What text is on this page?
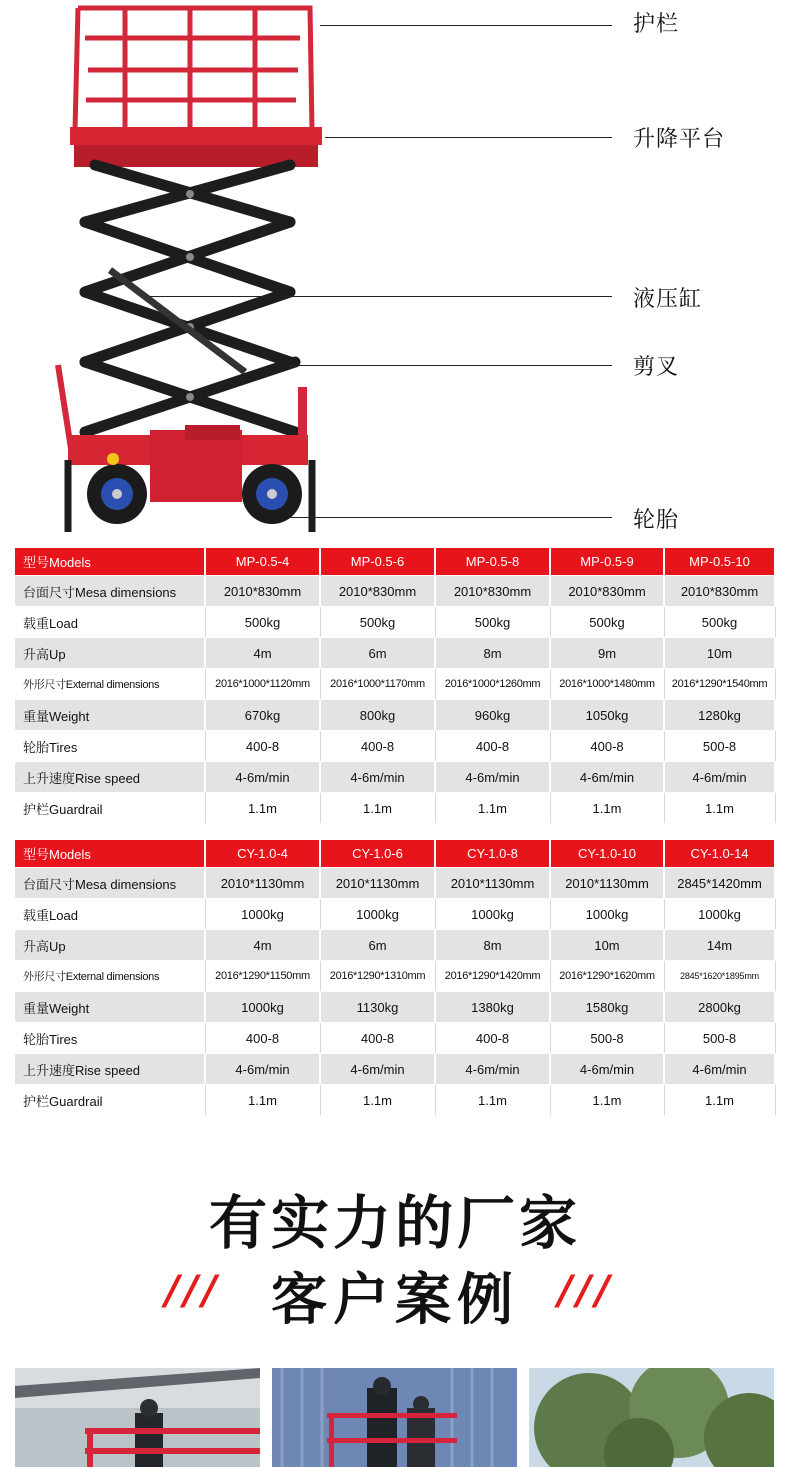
护栏
升降平台
液压缸
剪叉
轮胎
型号Models	MP-0.5-4	MP-0.5-6	MP-0.5-8	MP-0.5-9	MP-0.5-10
台面尺寸Mesa dimensions	2010*830mm	2010*830mm	2010*830mm	2010*830mm	2010*830mm
载重Load	500kg	500kg	500kg	500kg	500kg
升高Up	4m	6m	8m	9m	10m
外形尺寸External dimensions	2016*1000*1120mm	2016*1000*1170mm	2016*1000*1260mm	2016*1000*1480mm	2016*1290*1540mm
重量Weight	670kg	800kg	960kg	1050kg	1280kg
轮胎Tires	400-8	400-8	400-8	400-8	500-8
上升速度Rise speed	4-6m/min	4-6m/min	4-6m/min	4-6m/min	4-6m/min
护栏Guardrail	1.1m	1.1m	1.1m	1.1m	1.1m
型号Models	CY-1.0-4	CY-1.0-6	CY-1.0-8	CY-1.0-10	CY-1.0-14
台面尺寸Mesa dimensions	2010*1130mm	2010*1130mm	2010*1130mm	2010*1130mm	2845*1420mm
载重Load	1000kg	1000kg	1000kg	1000kg	1000kg
升高Up	4m	6m	8m	10m	14m
外形尺寸External dimensions	2016*1290*1150mm	2016*1290*1310mm	2016*1290*1420mm	2016*1290*1620mm	2845*1620*1895mm
重量Weight	1000kg	1130kg	1380kg	1580kg	2800kg
轮胎Tires	400-8	400-8	400-8	500-8	500-8
上升速度Rise speed	4-6m/min	4-6m/min	4-6m/min	4-6m/min	4-6m/min
护栏Guardrail	1.1m	1.1m	1.1m	1.1m	1.1m
有实力的厂家
/// 客户案例 ///
